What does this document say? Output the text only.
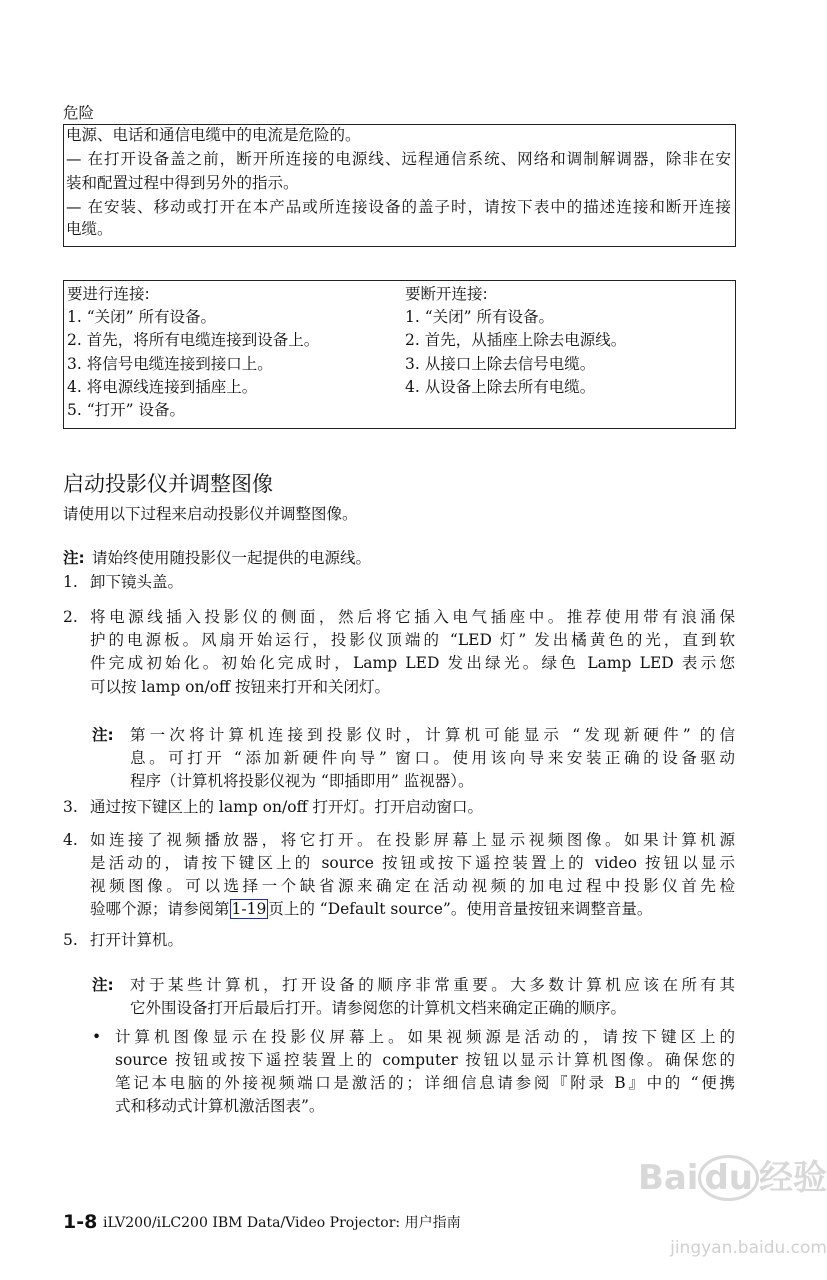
危险
电源、电话和通信电缆中的电流是危险的。
— 在打开设备盖之前，断开所连接的电源线、远程通信系统、网络和调制解调器，除非在安
装和配置过程中得到另外的指示。
— 在安装、移动或打开在本产品或所连接设备的盖子时，请按下表中的描述连接和断开连接
电缆。
要进行连接:
1. “关闭” 所有设备。
2. 首先，将所有电缆连接到设备上。
3. 将信号电缆连接到接口上。
4. 将电源线连接到插座上。
5. “打开” 设备。
要断开连接:
1. “关闭” 所有设备。
2. 首先，从插座上除去电源线。
3. 从接口上除去信号电缆。
4. 从设备上除去所有电缆。
启动投影仪并调整图像
请使用以下过程来启动投影仪并调整图像。
注: 请始终使用随投影仪一起提供的电源线。
1. 卸下镜头盖。
2. 将电源线插入投影仪的侧面，然后将它插入电气插座中。推荐使用带有浪涌保
护的电源板。风扇开始运行，投影仪顶端的 “LED 灯” 发出橘黄色的光，直到软
件完成初始化。初始化完成时，Lamp LED 发出绿光。绿色 Lamp LED 表示您
可以按 lamp on/off 按钮来打开和关闭灯。
注: 第一次将计算机连接到投影仪时，计算机可能显示 “发现新硬件” 的信
息。可打开 “添加新硬件向导” 窗口。使用该向导来安装正确的设备驱动
程序（计算机将投影仪视为 “即插即用” 监视器）。
3. 通过按下键区上的 lamp on/off 打开灯。打开启动窗口。
4. 如连接了视频播放器，将它打开。在投影屏幕上显示视频图像。如果计算机源
是活动的，请按下键区上的 source 按钮或按下遥控装置上的 video 按钮以显示
视频图像。可以选择一个缺省源来确定在活动视频的加电过程中投影仪首先检
验哪个源；请参阅第 1-19 页上的 “Default source”。使用音量按钮来调整音量。
5. 打开计算机。
注: 对于某些计算机，打开设备的顺序非常重要。大多数计算机应该在所有其
它外围设备打开后最后打开。请参阅您的计算机文档来确定正确的顺序。
• 计算机图像显示在投影仪屏幕上。如果视频源是活动的，请按下键区上的
source 按钮或按下遥控装置上的 computer 按钮以显示计算机图像。确保您的
笔记本电脑的外接视频端口是激活的；详细信息请参阅『附录 B』中的 “便携
式和移动式计算机激活图表”。
1-8 iLV200/iLC200 IBM Data/Video Projector: 用户指南
Bai du 经验
jingyan.baidu.com
